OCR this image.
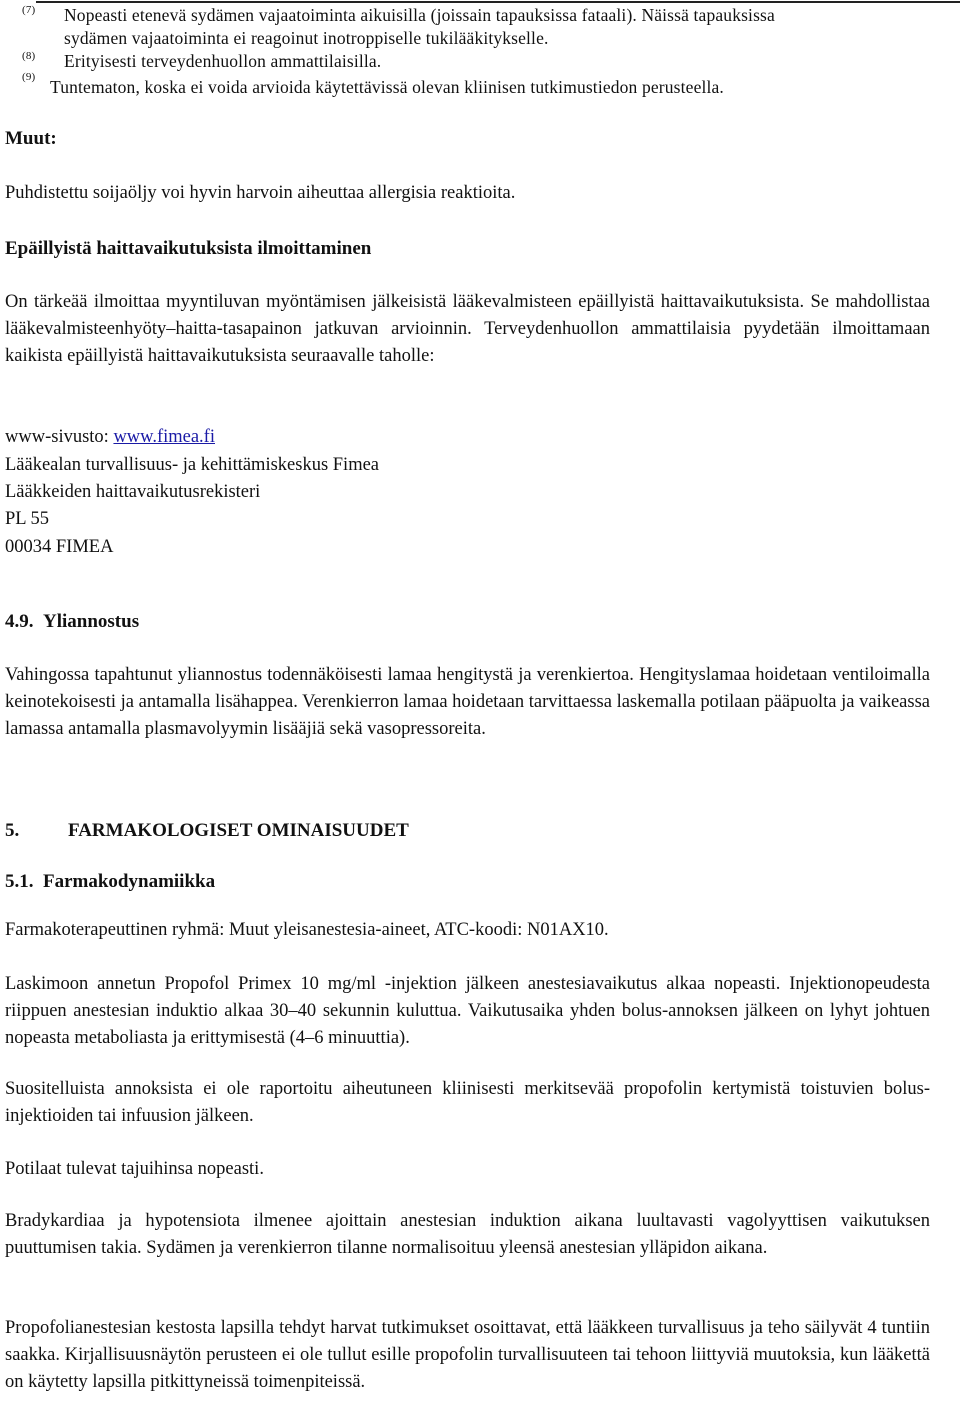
(7) Nopeasti etenevä sydämen vajaatoiminta aikuisilla (joissain tapauksissa fataali). Näissä tapauksissa
sydämen vajaatoiminta ei reagoinut inotroppiselle tukilääkitykselle.
(8) Erityisesti terveydenhuollon ammattilaisilla.
(9) Tuntematon, koska ei voida arvioida käytettävissä olevan kliinisen tutkimustiedon perusteella.
Muut:

Puhdistettu soijaöljy voi hyvin harvoin aiheuttaa allergisia reaktioita.

Epäillyistä haittavaikutuksista ilmoittaminen

On tärkeää ilmoittaa myyntiluvan myöntämisen jälkeisistä lääkevalmisteen epäillyistä haittavaikutuksista. Se mahdollistaa lääkevalmisteenhyöty–haitta-tasapainon jatkuvan arvioinnin. Terveydenhuollon ammattilaisia pyydetään ilmoittamaan kaikista epäillyistä haittavaikutuksista seuraavalle taholle:

www-sivusto: www.fimea.fi

Lääkealan turvallisuus- ja kehittämiskeskus Fimea

Lääkkeiden haittavaikutusrekisteri

PL 55

00034 FIMEA

4.9. Yliannostus

Vahingossa tapahtunut yliannostus todennäköisesti lamaa hengitystä ja verenkiertoa. Hengityslamaa hoidetaan ventiloimalla keinotekoisesti ja antamalla lisähappea. Verenkierron lamaa hoidetaan tarvittaessa laskemalla potilaan pääpuolta ja vaikeassa lamassa antamalla plasmavolyymin lisääjiä sekä vasopressoreita.

5.	FARMAKOLOGISET OMINAISUUDET
5.1. Farmakodynamiikka

Farmakoterapeuttinen ryhmä: Muut yleisanestesia-aineet, ATC-koodi: N01AX10.

Laskimoon annetun Propofol Primex 10 mg/ml -injektion jälkeen anestesiavaikutus alkaa nopeasti. Injektionopeudesta riippuen anestesian induktio alkaa 30–40 sekunnin kuluttua. Vaikutusaika yhden bolus-annoksen jälkeen on lyhyt johtuen nopeasta metaboliasta ja erittymisestä (4–6 minuuttia).

Suositelluista annoksista ei ole raportoitu aiheutuneen kliinisesti merkitsevää propofolin kertymistä toistuvien bolus-injektioiden tai infuusion jälkeen.

Potilaat tulevat tajuihinsa nopeasti.

Bradykardiaa ja hypotensiota ilmenee ajoittain anestesian induktion aikana luultavasti vagolyyttisen vaikutuksen puuttumisen takia. Sydämen ja verenkierron tilanne normalisoituu yleensä anestesian ylläpidon aikana.

Propofolianestesian kestosta lapsilla tehdyt harvat tutkimukset osoittavat, että lääkkeen turvallisuus ja teho säilyvät 4 tuntiin saakka. Kirjallisuusnäytön perusteen ei ole tullut esille propofolin turvallisuuteen tai tehoon liittyviä muutoksia, kun lääkettä on käytetty lapsilla pitkittyneissä toimenpiteissä.
